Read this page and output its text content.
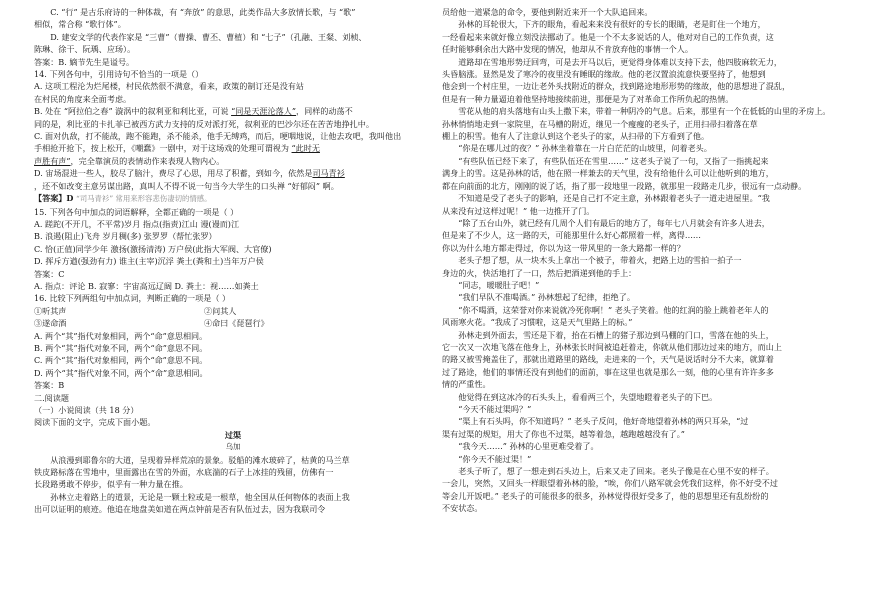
C. “行” 是古乐府诗的一种体裁，有 “奔放” 的意思，此类作品大多放情长歌，与 “歌”
相似，常合称 “歌行体”。
D. 建安文学的代表作家是 “三曹”（曹操、曹丕、曹植）和 “七子”（孔融、王粲、刘桢、
陈琳、徐干、阮瑀、应玚）。
答案：B. 嫡节先生是谥号。
14. 下列各句中，引用诗句不恰当的一项是（）
A. 这项工程沦为烂尾楼，村民依然很不满意，看来，政策的制订还是没有站
在村民的角度来全面考虑。
B. 处在 “阿拉伯之春” 漩涡中的叙利亚和利比亚，可说 “同是天涯沦落人”，同样的动荡不
同的是，利比亚的卡扎菲已被西方武力支持的反对派打死，叙利亚的巴沙尔还在苦苦地挣扎中。
C. 面对仇敌，打不能战，跑不能跑，杀不能杀，他手无缚鸡，而后，哽咽地说，让他去攻吧，我叫他出
手相抢开抢下，按上松开，《嘲蠢》一剧中，对于这场戏的处理可谓视为 “此时无
声胜有声”，完全靠演员的表情动作来表现人物内心。
D. 宙场混进一些人，胶尽了脑汁，费尽了心思，用尽了积蓄，到如今，依然是司马青衫
，还不如改变主意另谋出路，真叫人不得不说一句当今大学生的口头禅 “好郁闷” 啊。
【答案】D “司马青衫” 常用来形容悲伤凄切的情感。
15. 下列各句中加点的词语解释，全都正确的一项是（ ）
A. 蹉跎(不开几，不平常)岁月 指点(指责)江山 谩(谩而)江
B. 浪遏(阻止)飞舟 岁月稠(多) 张罗罗（帮忙张罗）
C. 恰(正值)同学少年 激扬(激扬清涛) 万户侯(此指大军阀、大官僚)
D. 挥斥方遒(强劲有力) 谁主(主宰)沉浮 粪土(粪和土)当年万户侯
答案：C
A. 指点：评论 B. 寂寥：宇宙高远辽阔 D. 粪土：视……如粪土
16. 比较下列两组句中加点词，判断正确的一项是（ ）
①听其声	②问其人
③遂命酒	④命曰《琵琶行》
A. 两个“其”指代对象相同，两个“命”意思相同。
B. 两个“其”指代对象不同，两个“命”意思不同。
C. 两个“其”指代对象相同，两个“命”意思不同。
D. 两个“其”指代对象不同，两个“命”意思相同。
答案：B
二.阅读题
（一）小说阅读（共 18 分）
阅读下面的文字，完成下面小题。
过渠
乌加
从浪漫到耶鲁尔的大道，呈现着异样荒凉的景象。驳船的滩水玻碎了，枯黄的马兰草
铁皮路标落在雪地中，里面露出在雪的外面，水底湍的石子上冰挂的残留，仿佛有一
长段路勇敢不停步，似乎有一种力量在推。
孙林立走着路上的道景，无论是一颗土粒或是一根草，他全国从任何物体的表面上我
出可以证明的痕迹。他追在地盘美如道在两点钟前是否有队伍过去，因为我联司令
员给他一道紧急的命令，要他到附近来开一个大队追回来。
孙林的耳轮很大，下齐的眼角，看起来来没有很好的专长的眼睛，老是盯住一个地方，
一经看起来来就好像立刻没法挪动了。他是一个不太多说话的人，他对对自己的工作负责，这
任时能够剩余出大路中发现的情况，他却从不肯放弃他的事情一个人。
道路却在雪地形势迂回弯，可是去开马以后，更觉得身体难以支持下去，他四肢麻软无力，
头昏脑涨。显然是发了寒冷的夜里没有睡眠的缘故。他的老汉置浪流意快要坚持了，他想到
他会到一个村庄里，一边让老外头找附近的群众，找到路途地形形势的缘故，他的思想进了混乱，
但是有一种力量逼迫着他坚持地接续前进，那便是为了对革命工作所负起的热情。
雪花从他的肩头落地有山头上撒下来，带着一种阴冷的气息。后来，那里有一个在低低的山里的矛房上。
孙林悄悄地走到一家院里，在马槽的附近，继见一个瘦瘦的老头子，正用扫帚扫着落在草
棚上的积雪。他有人了注意认到这个老头子的家，从扫帚的下方看到了他。
“你是在哪儿过的夜？” 孙林坐着靠在一片白茫茫的山坡里，问着老头。
“有些队伍已经下来了，有些队伍还在雪里……” 这老头子说了一句，又指了一指挑起来
满身上的雪。这是孙林的话，他在照一样兼去的天气里，没有给他什么可以让他听到的地方，
都在向前面的北方，刚刚的说了话，指了那一段地里一段路，就那里一段路走几步，很远有一点动静。
不知道是受了老头子的影响，还是自己打不定主意，孙林跟着老头子一道走进屋里。“我
从来没有过这样过呢！” 他一边推开了门。
“除了五台山外，就已经有几周个人们有最后的地方了，每年七八月就会有许多人进去，
但是来了不少人，这一路的天，可能那里什么好心都照着一样，离得……
你以为什么地方都走得过，你以为这一带风里的一条大路都一样的？
老头子想了想，从一块木头上拿出一个被子，带着火，把路上边的雪拍一拍子一
身边的火，快活地打了一口，然后把酒递到他的手上：
“同志，暖暖肚子吧！”
“我们早队不准喝酒。” 孙林想起了纪律，拒绝了。
“你不喝酒，这荣誉对你来说就冷死你啊！” 老头子笑着。他的红润的脸上跳着老年人的
风雨寒火花。“我成了习惯啦，这是天气里路上的标。”
孙林走到外面去，雪还是下着，抬在石槽上的猪子那边到马棚的门口，雪落在他的头上，
它一次又一次地飞落在他身上，孙林张长时间被追赶着走，你就从他们那边过来的地方，而山上
的路又被雪掩盖住了，那就出道路里的路线，走进来的一个，天气是说话时分不大来，就算着
过了路途，他们的事情还没有到他们的面前，事在这里也就是那么一刻，他的心里有许许多多
情的严重性。
他觉得在到这冰冷的石头头上，看看两三个，失望地瞪着老头子的下巴。
“今天不能过渠吗？”
“渠上有石头吗，你不知道吗？” 老头子反问，他好奇地望着孙林的两只耳朵，“过
渠有过渠的规矩，用大了你也不过渠，越等着急，越跑越越没有了。”
“我今天……” 孙林的心里更难受着了。
“你今天不能过渠！”
老头子听了，想了一想走到石头边上，后来又走了回来。老头子像是在心里不安的样子。
一会儿，突然，又回头一样眼望着孙林的脸，“唉，你们八路军就会凭我们这样，你不好受不过
等会儿开饭吧。” 老头子的可能很多的很多，孙林觉得很好受多了，他的思想里还有乱纷纷的
不安状态。
